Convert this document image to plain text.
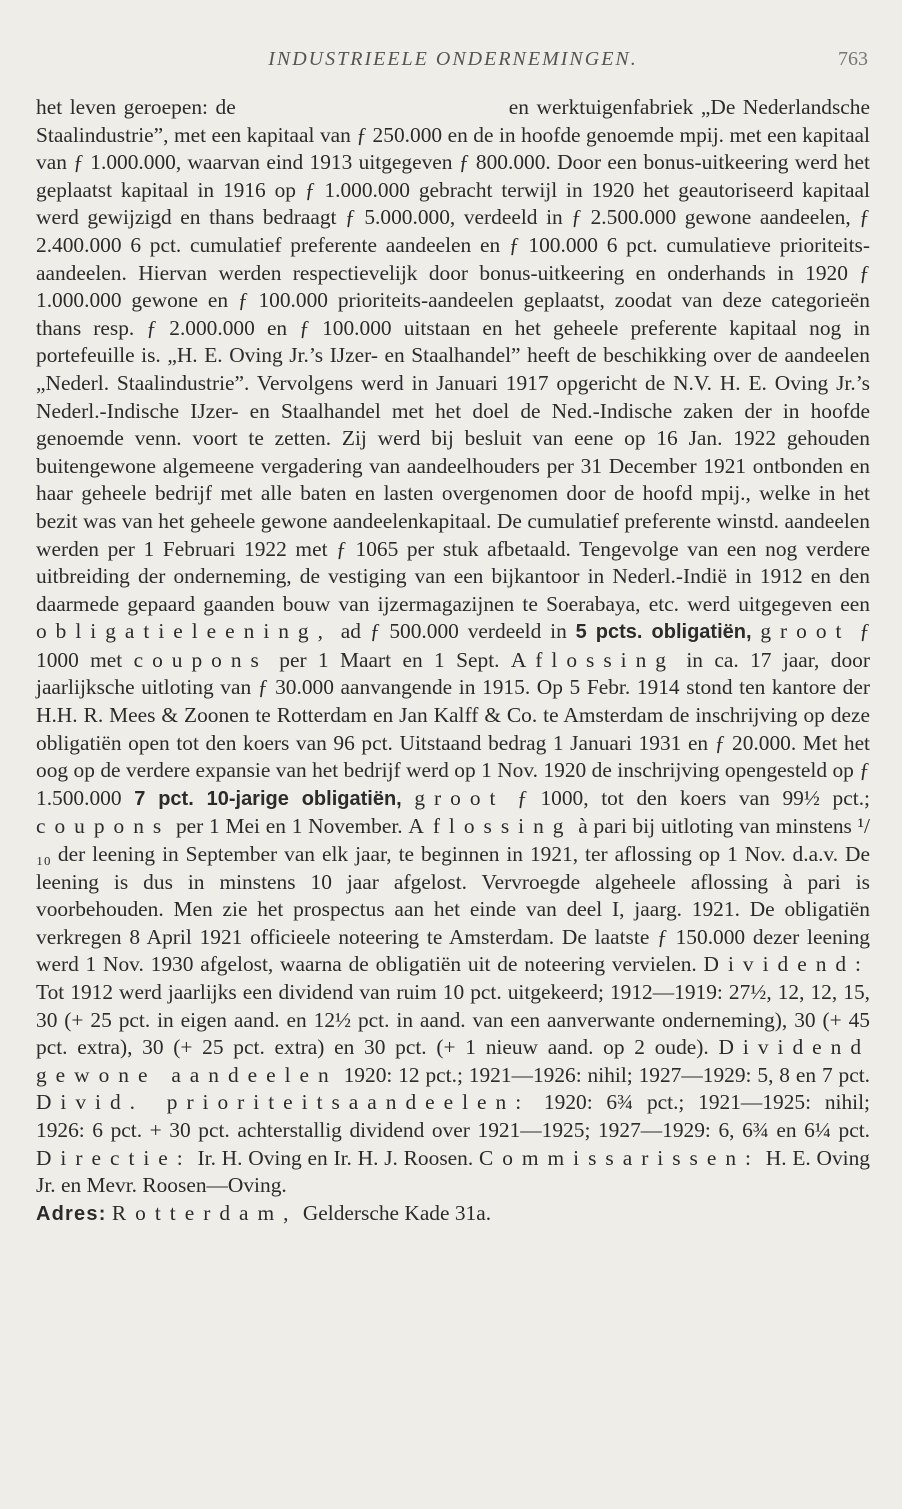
INDUSTRIEELE ONDERNEMINGEN.	763
het leven geroepen: de                                    en werktuigenfabriek „De Nederlandsche Staalindustrie”, met een kapitaal van ƒ 250.000 en de in hoofde genoemde mpij. met een kapitaal van ƒ 1.000.000, waarvan eind 1913 uitgegeven ƒ 800.000. Door een bonus-uitkeering werd het geplaatst kapitaal in 1916 op ƒ 1.000.000 gebracht terwijl in 1920 het geautoriseerd kapitaal werd gewijzigd en thans bedraagt ƒ 5.000.000, verdeeld in ƒ 2.500.000 gewone aandeelen, ƒ 2.400.000 6 pct. cumulatief preferente aandeelen en ƒ 100.000 6 pct. cumulatieve prioriteits-aandeelen. Hiervan werden respectievelijk door bonus-uitkeering en onderhands in 1920 ƒ 1.000.000 gewone en ƒ 100.000 prioriteits-aandeelen geplaatst, zoodat van deze categorieën thans resp. ƒ 2.000.000 en ƒ 100.000 uitstaan en het geheele preferente kapitaal nog in portefeuille is. „H. E. Oving Jr.’s IJzer- en Staalhandel” heeft de beschikking over de aandeelen „Nederl. Staalindustrie”. Vervolgens werd in Januari 1917 opgericht de N.V. H. E. Oving Jr.’s Nederl.-Indische IJzer- en Staalhandel met het doel de Ned.-Indische zaken der in hoofde genoemde venn. voort te zetten. Zij werd bij besluit van eene op 16 Jan. 1922 gehouden buitengewone algemeene vergadering van aandeelhouders per 31 December 1921 ontbonden en haar geheele bedrijf met alle baten en lasten overgenomen door de hoofd mpij., welke in het bezit was van het geheele gewone aandeelenkapitaal. De cumulatief preferente winstd. aandeelen werden per 1 Februari 1922 met ƒ 1065 per stuk afbetaald. Tengevolge van een nog verdere uitbreiding der onderneming, de vestiging van een bijkantoor in Nederl.-Indië in 1912 en den daarmede gepaard gaanden bouw van ijzermagazijnen te Soerabaya, etc. werd uitgegeven een obligatieleening, ad ƒ 500.000 verdeeld in 5 pcts. obligatiën, groot ƒ 1000 met coupons per 1 Maart en 1 Sept. Aflossing in ca. 17 jaar, door jaarlijksche uitloting van ƒ 30.000 aanvangende in 1915. Op 5 Febr. 1914 stond ten kantore der H.H. R. Mees & Zoonen te Rotterdam en Jan Kalff & Co. te Amsterdam de inschrijving op deze obligatiën open tot den koers van 96 pct. Uitstaand bedrag 1 Januari 1931 en ƒ 20.000. Met het oog op de verdere expansie van het bedrijf werd op 1 Nov. 1920 de inschrijving opengesteld op ƒ 1.500.000 7 pct. 10-jarige obligatiën, groot ƒ 1000, tot den koers van 99½ pct.; coupons per 1 Mei en 1 November. Aflossing à pari bij uitloting van minstens ¹/₁₀ der leening in September van elk jaar, te beginnen in 1921, ter aflossing op 1 Nov. d.a.v. De leening is dus in minstens 10 jaar afgelost. Vervroegde algeheele aflossing à pari is voorbehouden. Men zie het prospectus aan het einde van deel I, jaarg. 1921. De obligatiën verkregen 8 April 1921 officieele noteering te Amsterdam. De laatste ƒ 150.000 dezer leening werd 1 Nov. 1930 afgelost, waarna de obligatiën uit de noteering vervielen. Dividend: Tot 1912 werd jaarlijks een dividend van ruim 10 pct. uitgekeerd; 1912—1919: 27½, 12, 12, 15, 30 (+ 25 pct. in eigen aand. en 12½ pct. in aand. van een aanverwante onderneming), 30 (+ 45 pct. extra), 30 (+ 25 pct. extra) en 30 pct. (+ 1 nieuw aand. op 2 oude). Dividend gewone aandeelen 1920: 12 pct.; 1921—1926: nihil; 1927—1929: 5, 8 en 7 pct. Divid. prioriteitsaandeelen: 1920: 6¾ pct.; 1921—1925: nihil; 1926: 6 pct. + 30 pct. achterstallig dividend over 1921—1925; 1927—1929: 6, 6¾ en 6¼ pct. Directie: Ir. H. Oving en Ir. H. J. Roosen. Commissarissen: H. E. Oving Jr. en Mevr. Roosen—Oving.
Adres: Rotterdam, Geldersche Kade 31a.
